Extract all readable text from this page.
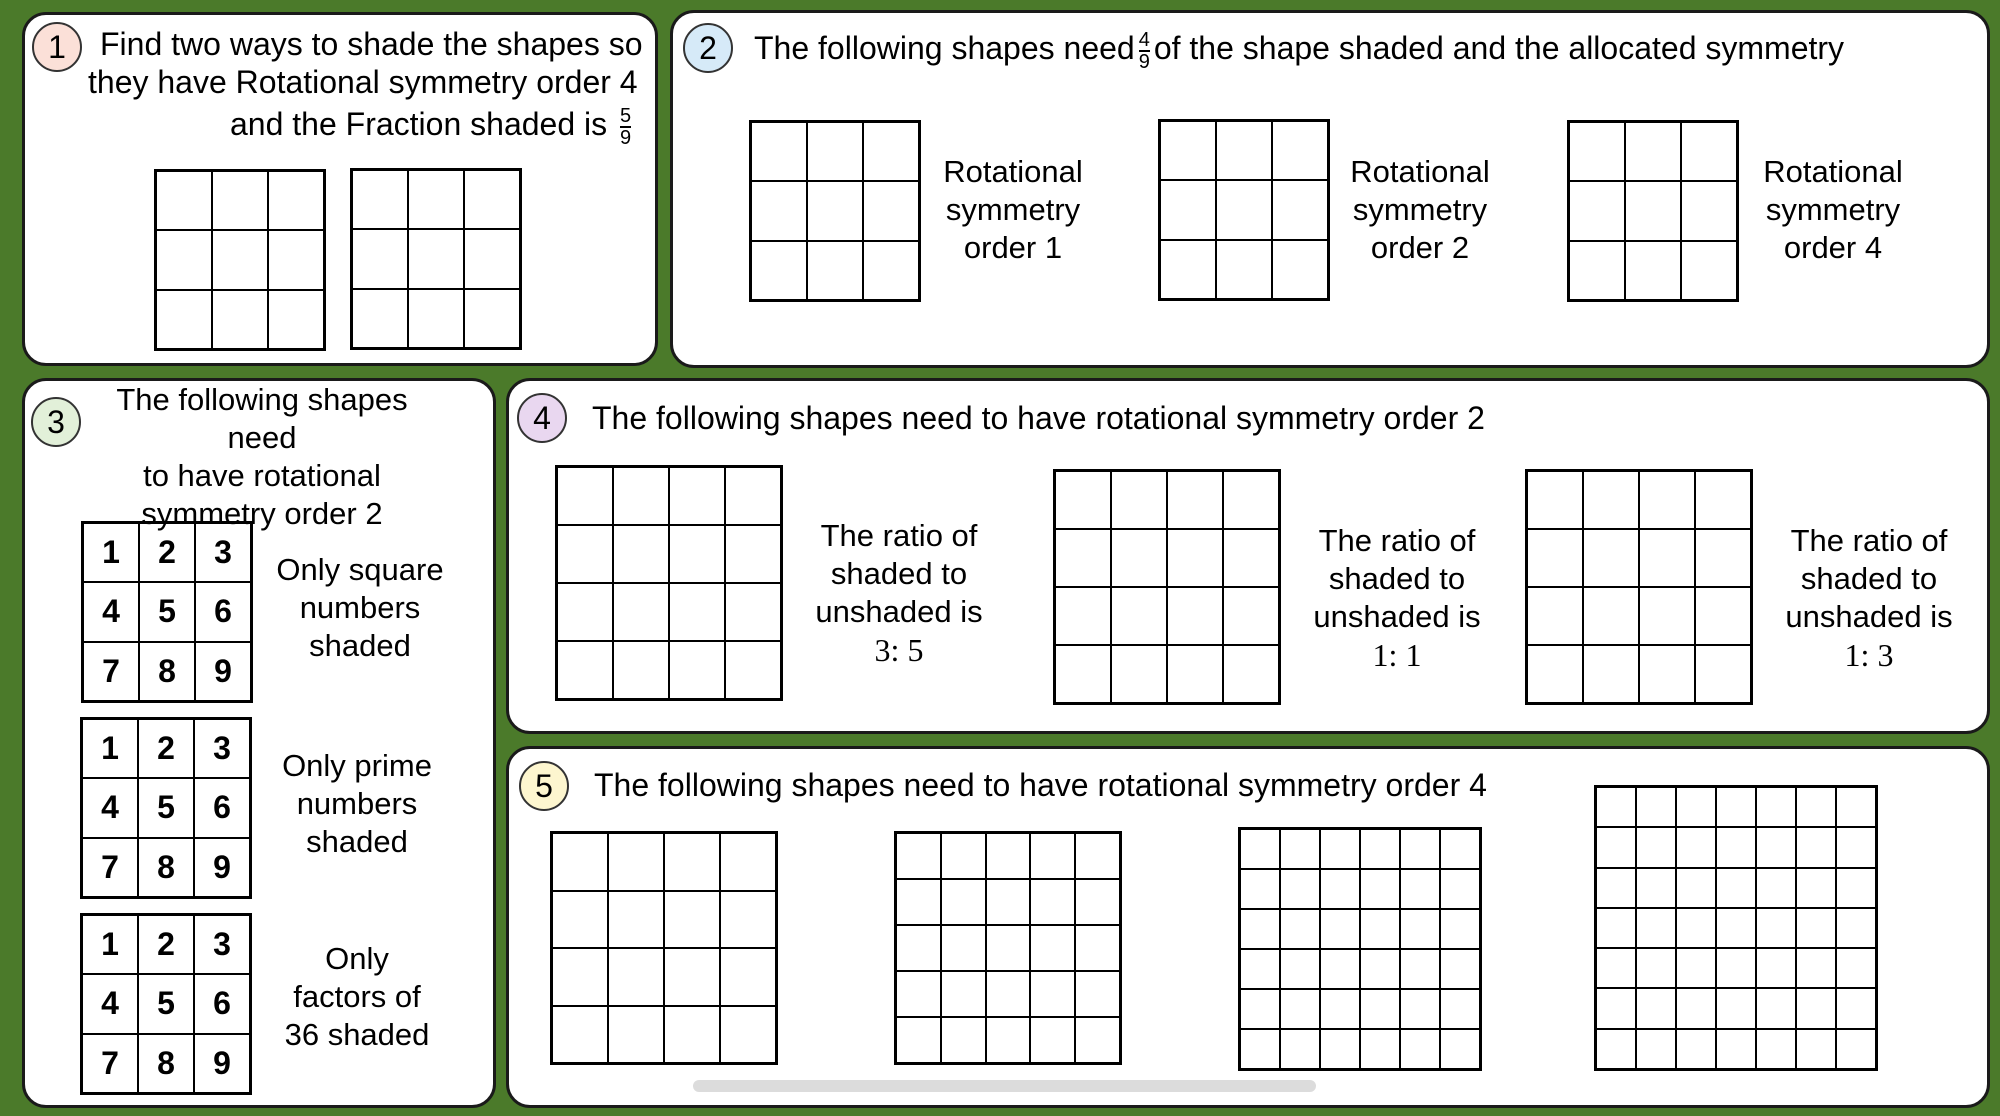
1 Find two ways to shade the shapes so
they have Rotational symmetry order 4
and the Fraction shaded is $\frac{5}{9}$
2 The following shapes need $\frac{4}{9}$ of the shape shaded and the allocated symmetry
Rotational
symmetry
order 1
Rotational
symmetry
order 2
Rotational
symmetry
order 4
3
The following shapes need
to have rotational
symmetry order 2
1	2	3
4	5	6
7	8	9
Only square
numbers
shaded
1	2	3
4	5	6
7	8	9
Only prime
numbers
shaded
1	2	3
4	5	6
7	8	9
Only
factors of
36 shaded
4 The following shapes need to have rotational symmetry order 2
The ratio of
shaded to
unshaded is
3: 5
The ratio of
shaded to
unshaded is
1: 1
The ratio of
shaded to
unshaded is
1: 3
5 The following shapes need to have rotational symmetry order 4
